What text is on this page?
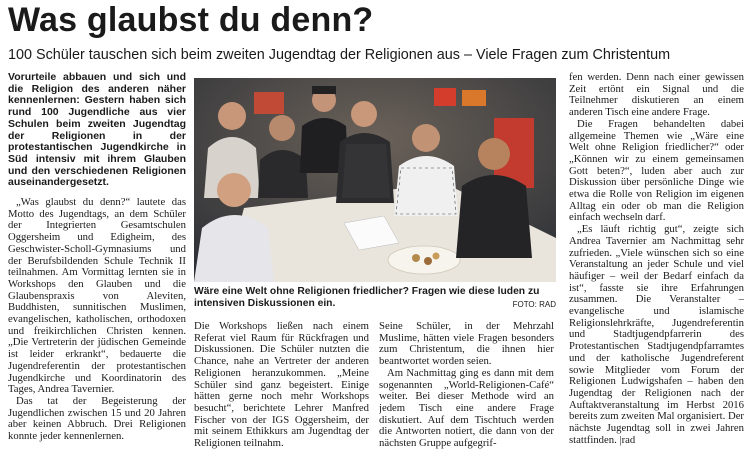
Was glaubst du denn?
100 Schüler tauschen sich beim zweiten Jugendtag der Religionen aus – Viele Fragen zum Christentum

Vorurteile abbauen und sich und die Religion des anderen näher kennenlernen: Gestern haben sich rund 100 Jugendliche aus vier Schulen beim zweiten Jugendtag der Religionen in der protestantischen Jugendkirche in Süd intensiv mit ihrem Glauben und den verschiedenen Religionen auseinandergesetzt.

„Was glaubst du denn?“ lautete das Motto des Jugendtags, an dem Schüler der Integrierten Gesamtschulen Oggersheim und Edigheim, des Geschwister-Scholl-Gymnasiums und der Berufsbildenden Schule Technik II teilnahmen. Am Vormittag lernten sie in Workshops den Glauben und die Glaubenspraxis von Aleviten, Buddhisten, sunnitischen Muslimen, evangelischen, katholischen, orthodoxen und freikirchlichen Christen kennen. „Die Vertreterin der jüdischen Gemeinde ist leider erkrankt“, bedauerte die Jugendreferentin der protestantischen Jugendkirche und Koordinatorin des Tages, Andrea Tavernier.

Das tat der Begeisterung der Jugendlichen zwischen 15 und 20 Jahren aber keinen Abbruch. Drei Religionen konnte jeder kennenlernen.

Wäre eine Welt ohne Religionen friedlicher? Fragen wie diese luden zu intensiven Diskussionen ein.	FOTO: RAD

Die Workshops ließen nach einem Referat viel Raum für Rückfragen und Diskussionen. Die Schüler nutzten die Chance, nahe an Vertreter der anderen Religionen heranzukommen. „Meine Schüler sind ganz begeistert. Einige hätten gerne noch mehr Workshops besucht“, berichtete Lehrer Manfred Fischer von der IGS Oggersheim, der mit seinem Ethikkurs am Jugendtag der Religionen teilnahm.

Seine Schüler, in der Mehrzahl Muslime, hätten viele Fragen besonders zum Christentum, die ihnen hier beantwortet worden seien.

Am Nachmittag ging es dann mit dem sogenannten „World-Religionen-Café“ weiter. Bei dieser Methode wird an jedem Tisch eine andere Frage diskutiert. Auf dem Tischtuch werden die Antworten notiert, die dann von der nächsten Gruppe aufgegrif-

fen werden. Denn nach einer gewissen Zeit ertönt ein Signal und die Teilnehmer diskutieren an einem anderen Tisch eine andere Frage.

Die Fragen behandelten dabei allgemeine Themen wie „Wäre eine Welt ohne Religion friedlicher?“ oder „Können wir zu einem gemeinsamen Gott beten?“, luden aber auch zur Diskussion über persönliche Dinge wie etwa die Rolle von Religion im eigenen Alltag ein oder ob man die Religion einfach wechseln darf.

„Es läuft richtig gut“, zeigte sich Andrea Tavernier am Nachmittag sehr zufrieden. „Viele wünschen sich so eine Veranstaltung an jeder Schule und viel häufiger – weil der Bedarf einfach da ist“, fasste sie ihre Erfahrungen zusammen. Die Veranstalter – evangelische und islamische Religionslehrkräfte, Jugendreferentin und Stadtjugendpfarrerin des Protestantischen Stadtjugendpfarramtes und der katholische Jugendreferent sowie Mitglieder vom Forum der Religionen Ludwigshafen – haben den Jugendtag der Religionen nach der Auftaktveranstaltung im Herbst 2016 bereits zum zweiten Mal organisiert. Der nächste Jugendtag soll in zwei Jahren stattfinden. |rad
